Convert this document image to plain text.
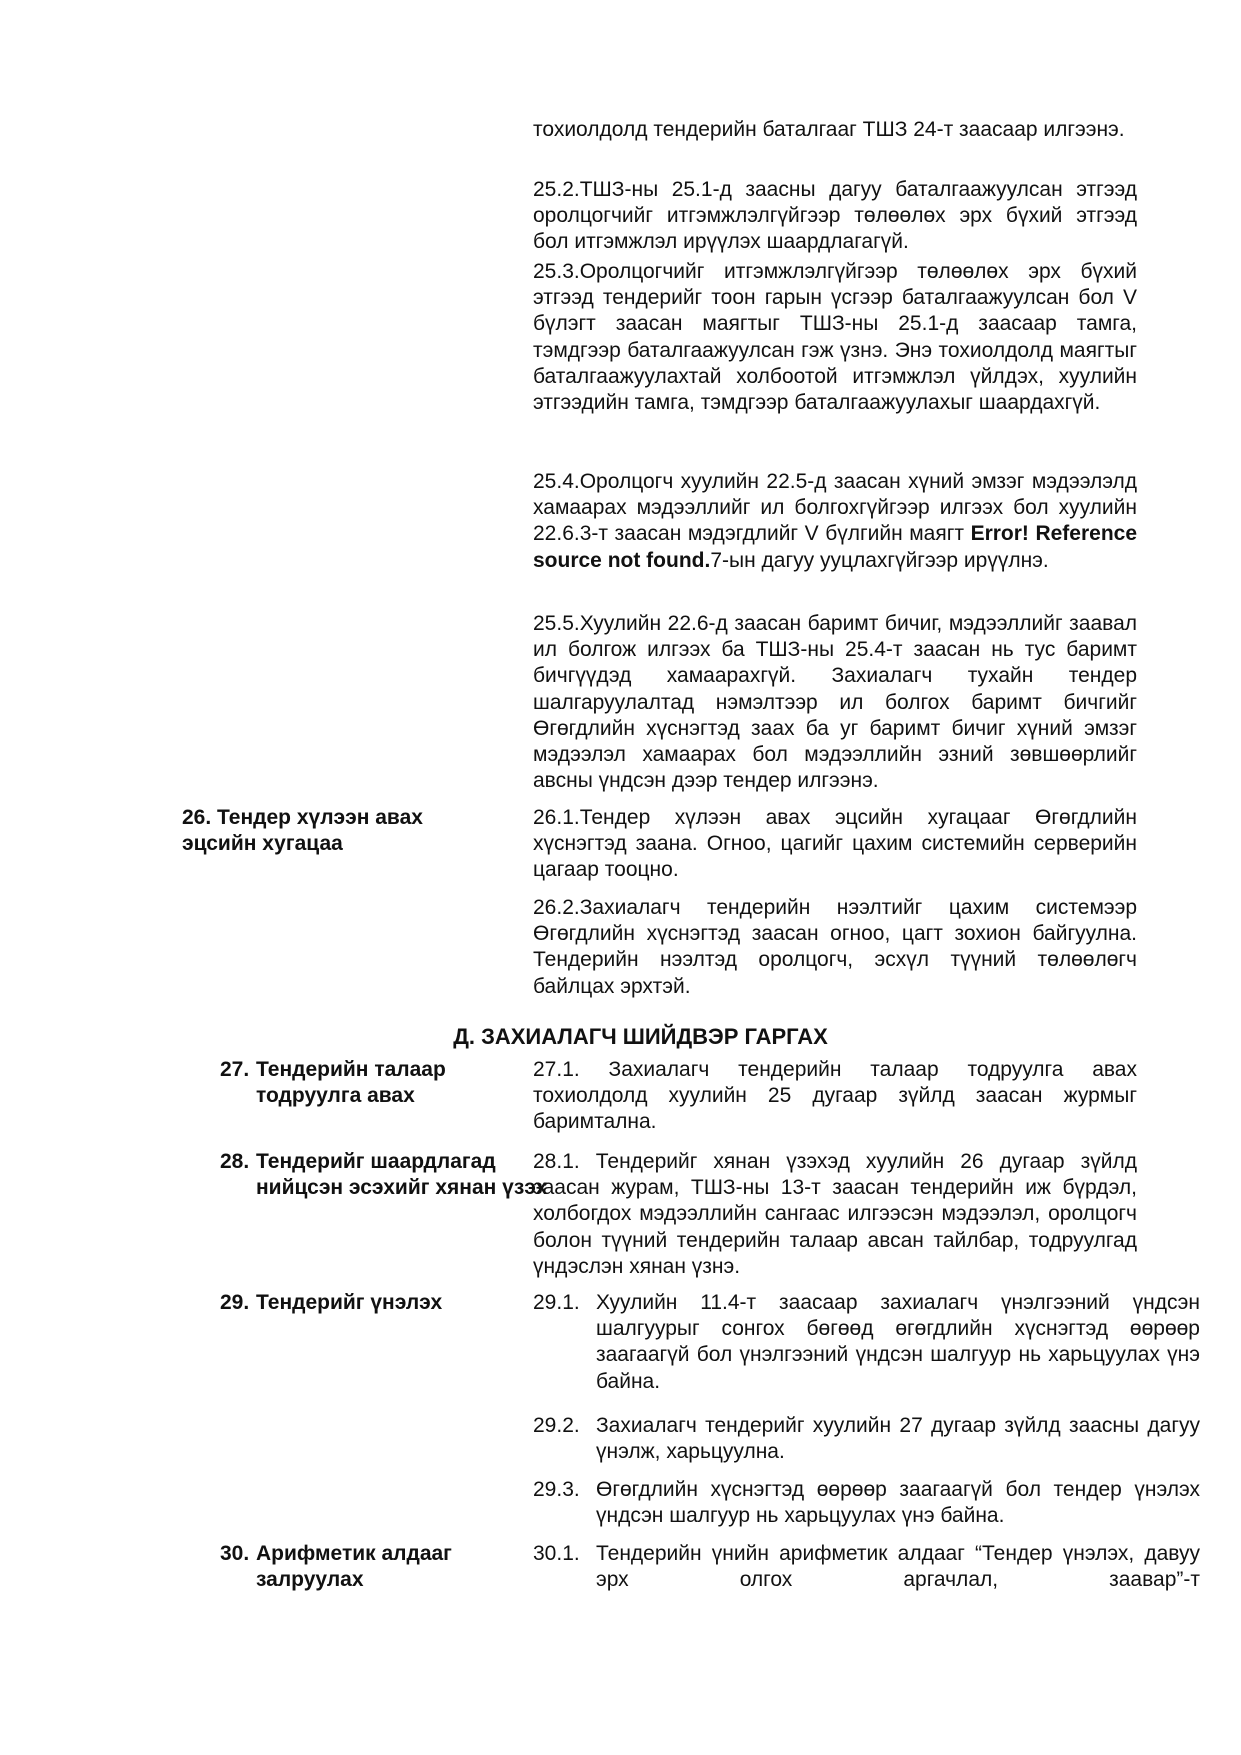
тохиолдолд тендерийн баталгааг ТШЗ 24-т заасаар илгээнэ.

25.2.ТШЗ-ны 25.1-д заасны дагуу баталгаажуулсан этгээд оролцогчийг итгэмжлэлгүйгээр төлөөлөх эрх бүхий этгээд бол итгэмжлэл ирүүлэх шаардлагагүй.

25.3.Оролцогчийг итгэмжлэлгүйгээр төлөөлөх эрх бүхий этгээд тендерийг тоон гарын үсгээр баталгаажуулсан бол V бүлэгт заасан маягтыг ТШЗ-ны 25.1-д заасаар тамга, тэмдгээр баталгаажуулсан гэж үзнэ. Энэ тохиолдолд маягтыг баталгаажуулахтай холбоотой итгэмжлэл үйлдэх, хуулийн этгээдийн тамга, тэмдгээр баталгаажуулахыг шаардахгүй.

25.4.Оролцогч хуулийн 22.5-д заасан хүний эмзэг мэдээлэлд хамаарах мэдээллийг ил болгохгүйгээр илгээх бол хуулийн 22.6.3-т заасан мэдэгдлийг V бүлгийн маягт Error! Reference source not found.7-ын дагуу ууцлахгүйгээр ирүүлнэ.

25.5.Хуулийн 22.6-д заасан баримт бичиг, мэдээллийг заавал ил болгож илгээх ба ТШЗ-ны 25.4-т заасан нь тус баримт бичгүүдэд хамаарахгүй. Захиалагч тухайн тендер шалгаруулалтад нэмэлтээр ил болгох баримт бичгийг Өгөгдлийн хүснэгтэд заах ба уг баримт бичиг хүний эмзэг мэдээлэл хамаарах бол мэдээллийн эзний зөвшөөрлийг авсны үндсэн дээр тендер илгээнэ.

26. Тендер хүлээн авах эцсийн хугацаа

26.1.Тендер хүлээн авах эцсийн хугацааг Өгөгдлийн хүснэгтэд заана. Огноо, цагийг цахим системийн серверийн цагаар тооцно.

26.2.Захиалагч тендерийн нээлтийг цахим системээр Өгөгдлийн хүснэгтэд заасан огноо, цагт зохион байгуулна. Тендерийн нээлтэд оролцогч, эсхүл түүний төлөөлөгч байлцах эрхтэй.

Д. ЗАХИАЛАГЧ ШИЙДВЭР ГАРГАХ
27. Тендерийн талаар тодруулга авах

27.1. Захиалагч тендерийн талаар тодруулга авах тохиолдолд хуулийн 25 дугаар зүйлд заасан журмыг баримтална.

28. Тендерийг шаардлагад нийцсэн эсэхийг хянан үзэх

28.1. Тендерийг хянан үзэхэд хуулийн 26 дугаар зүйлд заасан журам, ТШЗ-ны 13-т заасан тендерийн иж бүрдэл, холбогдох мэдээллийн сангаас илгээсэн мэдээлэл, оролцогч болон түүний тендерийн талаар авсан тайлбар, тодруулгад үндэслэн хянан үзнэ.

29. Тендерийг үнэлэх	29.1. Хуулийн 11.4-т заасаар захиалагч үнэлгээний үндсэн шалгуурыг сонгох бөгөөд өгөгдлийн хүснэгтэд өөрөөр заагаагүй бол үнэлгээний үндсэн шалгуур нь харьцуулах үнэ байна.

29.2. Захиалагч тендерийг хуулийн 27 дугаар зүйлд заасны дагуу үнэлж, харьцуулна.

29.3. Өгөгдлийн хүснэгтэд өөрөөр заагаагүй бол тендер үнэлэх үндсэн шалгуур нь харьцуулах үнэ байна.

30. Арифметик алдааг залруулах

30.1. Тендерийн үнийн арифметик алдааг “Тендер үнэлэх, давуу эрх олгох аргачлал, заавар”-т
